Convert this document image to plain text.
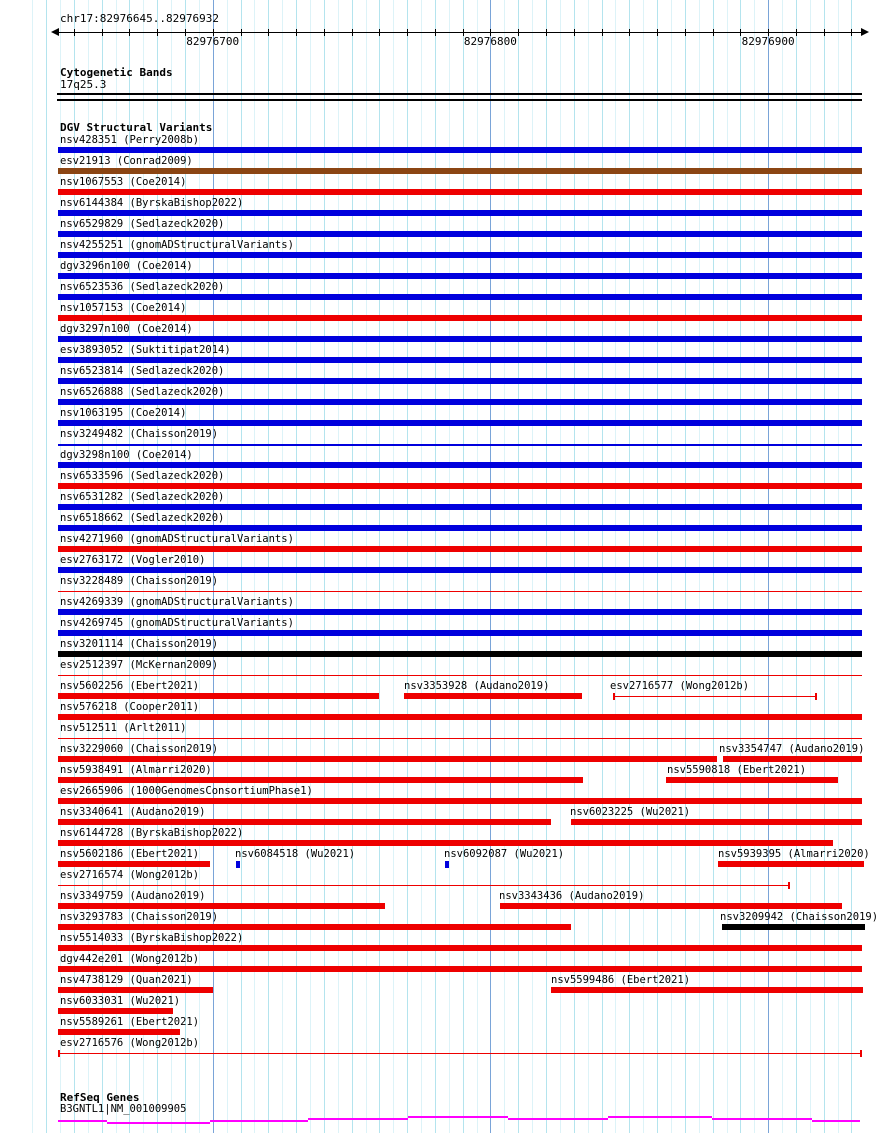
chr17:82976645..82976932
82976700	82976800	82976900
Cytogenetic Bands
17q25.3
DGV Structural Variants
nsv428351 (Perry2008b)
esv21913 (Conrad2009)
nsv1067553 (Coe2014)
nsv6144384 (ByrskaBishop2022)
nsv6529829 (Sedlazeck2020)
nsv4255251 (gnomADStructuralVariants)
dgv3296n100 (Coe2014)
nsv6523536 (Sedlazeck2020)
nsv1057153 (Coe2014)
dgv3297n100 (Coe2014)
esv3893052 (Suktitipat2014)
nsv6523814 (Sedlazeck2020)
nsv6526888 (Sedlazeck2020)
nsv1063195 (Coe2014)
nsv3249482 (Chaisson2019)
dgv3298n100 (Coe2014)
nsv6533596 (Sedlazeck2020)
nsv6531282 (Sedlazeck2020)
nsv6518662 (Sedlazeck2020)
nsv4271960 (gnomADStructuralVariants)
esv2763172 (Vogler2010)
nsv3228489 (Chaisson2019)
nsv4269339 (gnomADStructuralVariants)
nsv4269745 (gnomADStructuralVariants)
nsv3201114 (Chaisson2019)
esv2512397 (McKernan2009)
nsv5602256 (Ebert2021)	nsv3353928 (Audano2019)	esv2716577 (Wong2012b)
nsv576218 (Cooper2011)
nsv512511 (Arlt2011)
nsv3229060 (Chaisson2019)	nsv3354747 (Audano2019)
nsv5938491 (Almarri2020)	nsv5590818 (Ebert2021)
esv2665906 (1000GenomesConsortiumPhase1)
nsv3340641 (Audano2019)	nsv6023225 (Wu2021)
nsv6144728 (ByrskaBishop2022)
nsv5602186 (Ebert2021)	nsv6084518 (Wu2021)	nsv6092087 (Wu2021)	nsv5939395 (Almarri2020)
esv2716574 (Wong2012b)
nsv3349759 (Audano2019)	nsv3343436 (Audano2019)
nsv3293783 (Chaisson2019)	nsv3209942 (Chaisson2019)
nsv5514033 (ByrskaBishop2022)
dgv442e201 (Wong2012b)
nsv4738129 (Quan2021)	nsv5599486 (Ebert2021)
nsv6033031 (Wu2021)
nsv5589261 (Ebert2021)
esv2716576 (Wong2012b)
RefSeq Genes
B3GNTL1|NM_001009905
